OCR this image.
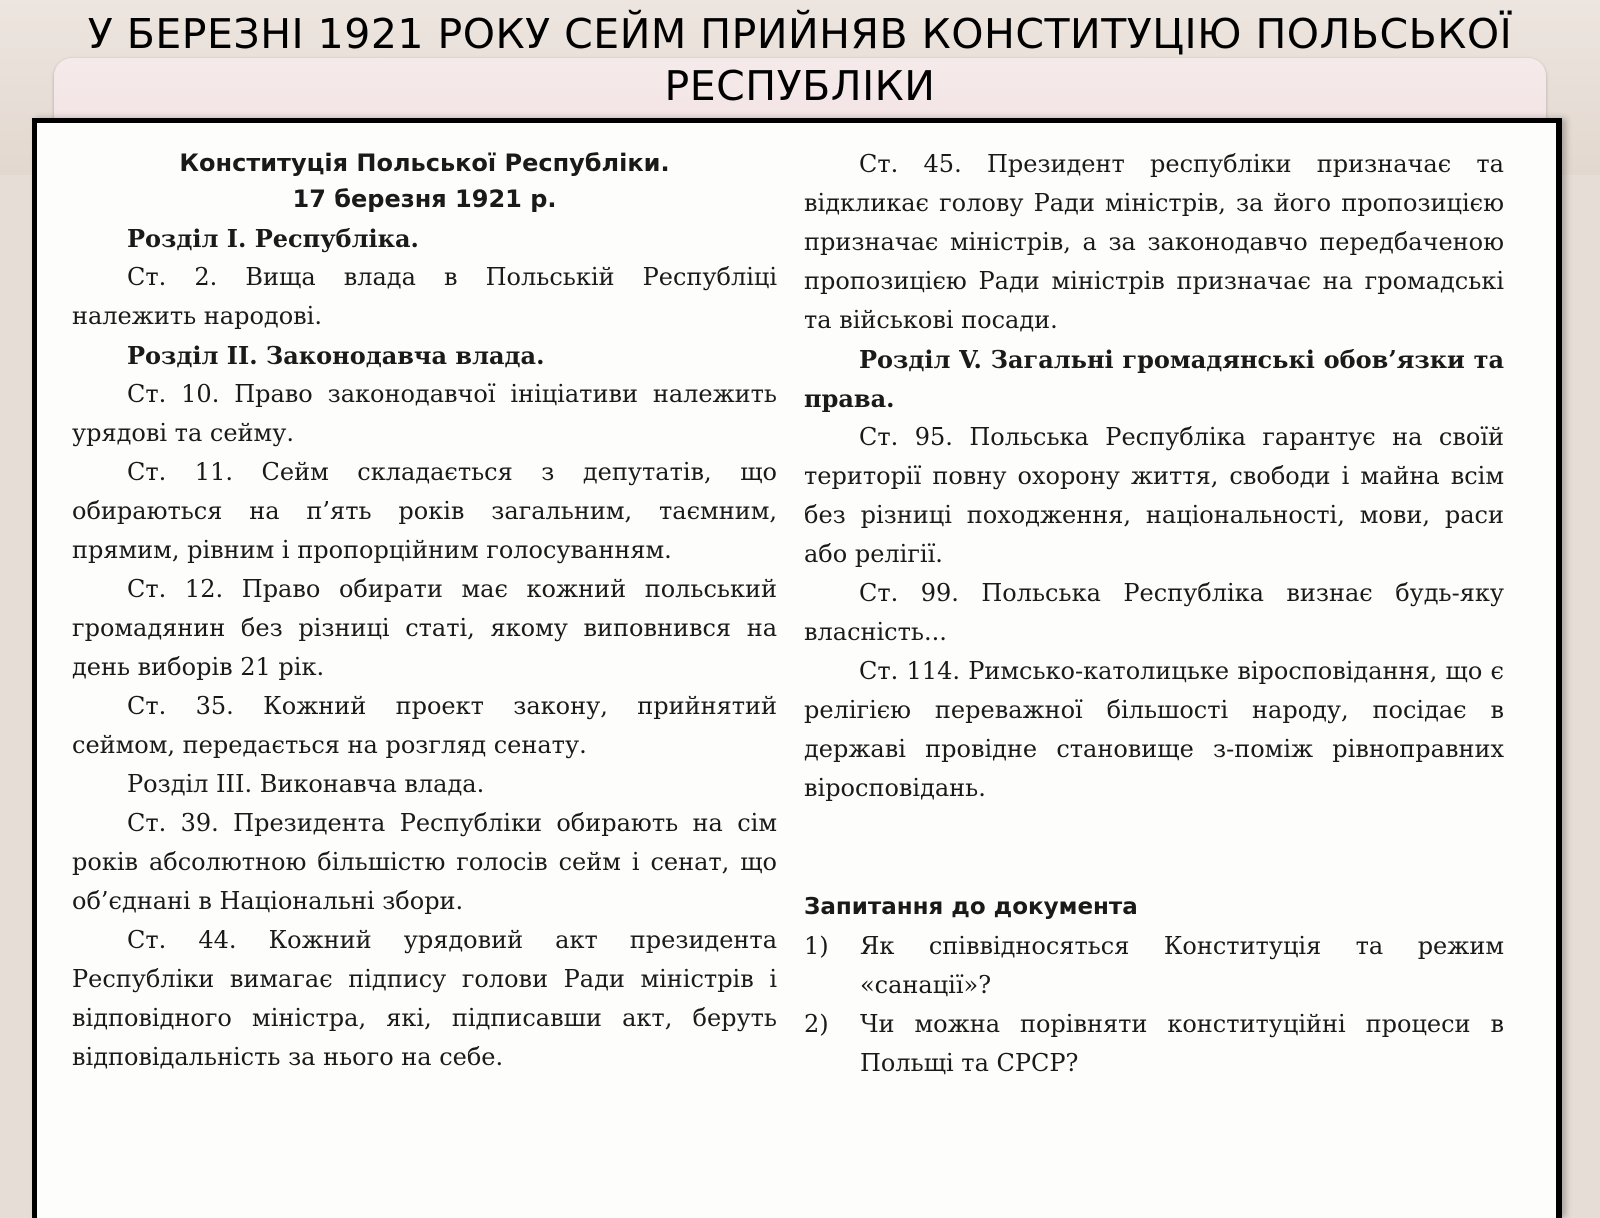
У БЕРЕЗНІ 1921 РОКУ СЕЙМ ПРИЙНЯВ КОНСТИТУЦІЮ ПОЛЬСЬКОЇ РЕСПУБЛІКИ

Конституція Польської Республіки.
17 березня 1921 р.

Розділ І. Республіка.

Ст. 2. Вища влада в Польській Республіці належить народові.

Розділ ІІ. Законодавча влада.

Ст. 10. Право законодавчої ініціативи належить урядові та сейму.

Ст. 11. Сейм складається з депутатів, що обираються на п’ять років загальним, таємним, прямим, рівним і пропорційним голосуванням.

Ст. 12. Право обирати має кожний польський громадянин без різниці статі, якому виповнився на день виборів 21 рік.

Ст. 35. Кожний проект закону, прийнятий сеймом, передається на розгляд сенату.

Розділ ІІІ. Виконавча влада.

Ст. 39. Президента Республіки обирають на сім років абсолютною більшістю голосів сейм і сенат, що об’єднані в Національні збори.

Ст. 44. Кожний урядовий акт президента Республіки вимагає підпису голови Ради міністрів і відповідного міністра, які, підписавши акт, беруть відповідальність за нього на себе.

Ст. 45. Президент республіки призначає та відкликає голову Ради міністрів, за його пропозицією призначає міністрів, а за законодавчо передбаченою пропозицією Ради міністрів призначає на громадські та військові посади.

Розділ V. Загальні громадянські обов’язки та права.

Ст. 95. Польська Республіка гарантує на своїй території повну охорону життя, свободи і майна всім без різниці походження, національності, мови, раси або релігії.

Ст. 99. Польська Республіка визнає будь-яку власність...

Ст. 114. Римсько-католицьке віросповідання, що є релігією переважної більшості народу, посідає в державі провідне становище з-поміж рівноправних віросповідань.

Запитання до документа

1)	Як співвідносяться Конституція та режим «санації»?
2)	Чи можна порівняти конституційні процеси в Польщі та СРСР?
